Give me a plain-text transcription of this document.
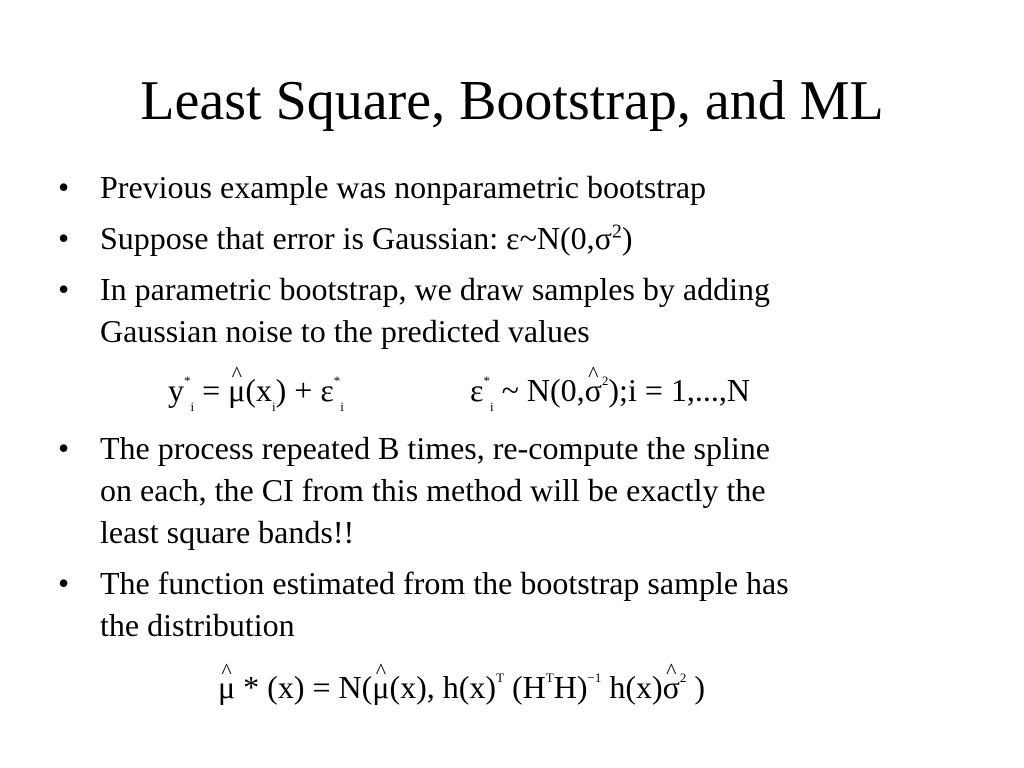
Least Square, Bootstrap, and ML
• Previous example was nonparametric bootstrap
• Suppose that error is Gaussian: $\varepsilon\sim N(0,\sigma^2)$
• In parametric bootstrap, we draw samples by adding
Gaussian noise to the predicted values
• The process repeated B times, re-compute the spline
on each, the CI from this method will be exactly the
least square bands!!
• The function estimated from the bootstrap sample has
the distribution
$y^*_i$ = ^ $\mu(x_i) + \varepsilon^*_i$	$\varepsilon^*_i$ ~ N(0,^ $\sigma^2);i = 1,...,N$
^ μ * (x) = N(^ μ(x), $h(x)^T$ $(H^TH)^{-1}$ h(x)^ $\sigma^2$ )
